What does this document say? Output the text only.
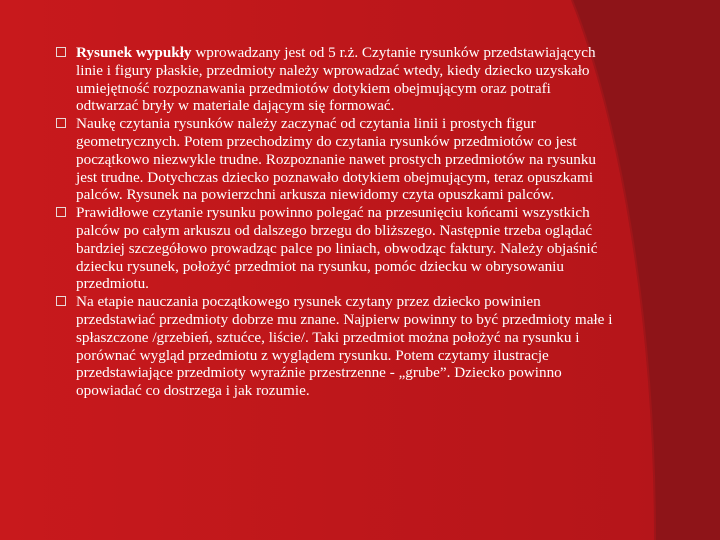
Rysunek wypukły wprowadzany jest od 5 r.ż. Czytanie rysunków przedstawiających linie i figury płaskie, przedmioty należy wprowadzać wtedy, kiedy dziecko uzyskało umiejętność rozpoznawania przedmiotów dotykiem obejmującym oraz potrafi odtwarzać bryły w materiale dającym się formować.
Naukę czytania rysunków należy zaczynać od czytania linii i prostych figur geometrycznych. Potem przechodzimy do czytania rysunków przedmiotów co jest początkowo niezwykle trudne. Rozpoznanie nawet prostych przedmiotów na rysunku jest trudne. Dotychczas dziecko poznawało dotykiem obejmującym, teraz opuszkami palców. Rysunek na powierzchni arkusza niewidomy czyta opuszkami palców.
Prawidłowe czytanie rysunku powinno polegać na przesunięciu końcami wszystkich palców po całym arkuszu od dalszego brzegu do bliższego. Następnie trzeba oglądać bardziej szczegółowo prowadząc palce po liniach, obwodząc faktury. Należy objaśnić dziecku rysunek, położyć przedmiot na rysunku, pomóc dziecku w obrysowaniu przedmiotu.
Na etapie nauczania początkowego rysunek czytany przez dziecko powinien przedstawiać przedmioty dobrze mu znane. Najpierw powinny to być przedmioty małe i spłaszczone /grzebień, sztućce, liście/. Taki przedmiot można położyć na rysunku i porównać wygląd przedmiotu z wyglądem rysunku. Potem czytamy ilustracje przedstawiające przedmioty wyraźnie przestrzenne - „grube”. Dziecko powinno opowiadać co dostrzega i jak rozumie.
